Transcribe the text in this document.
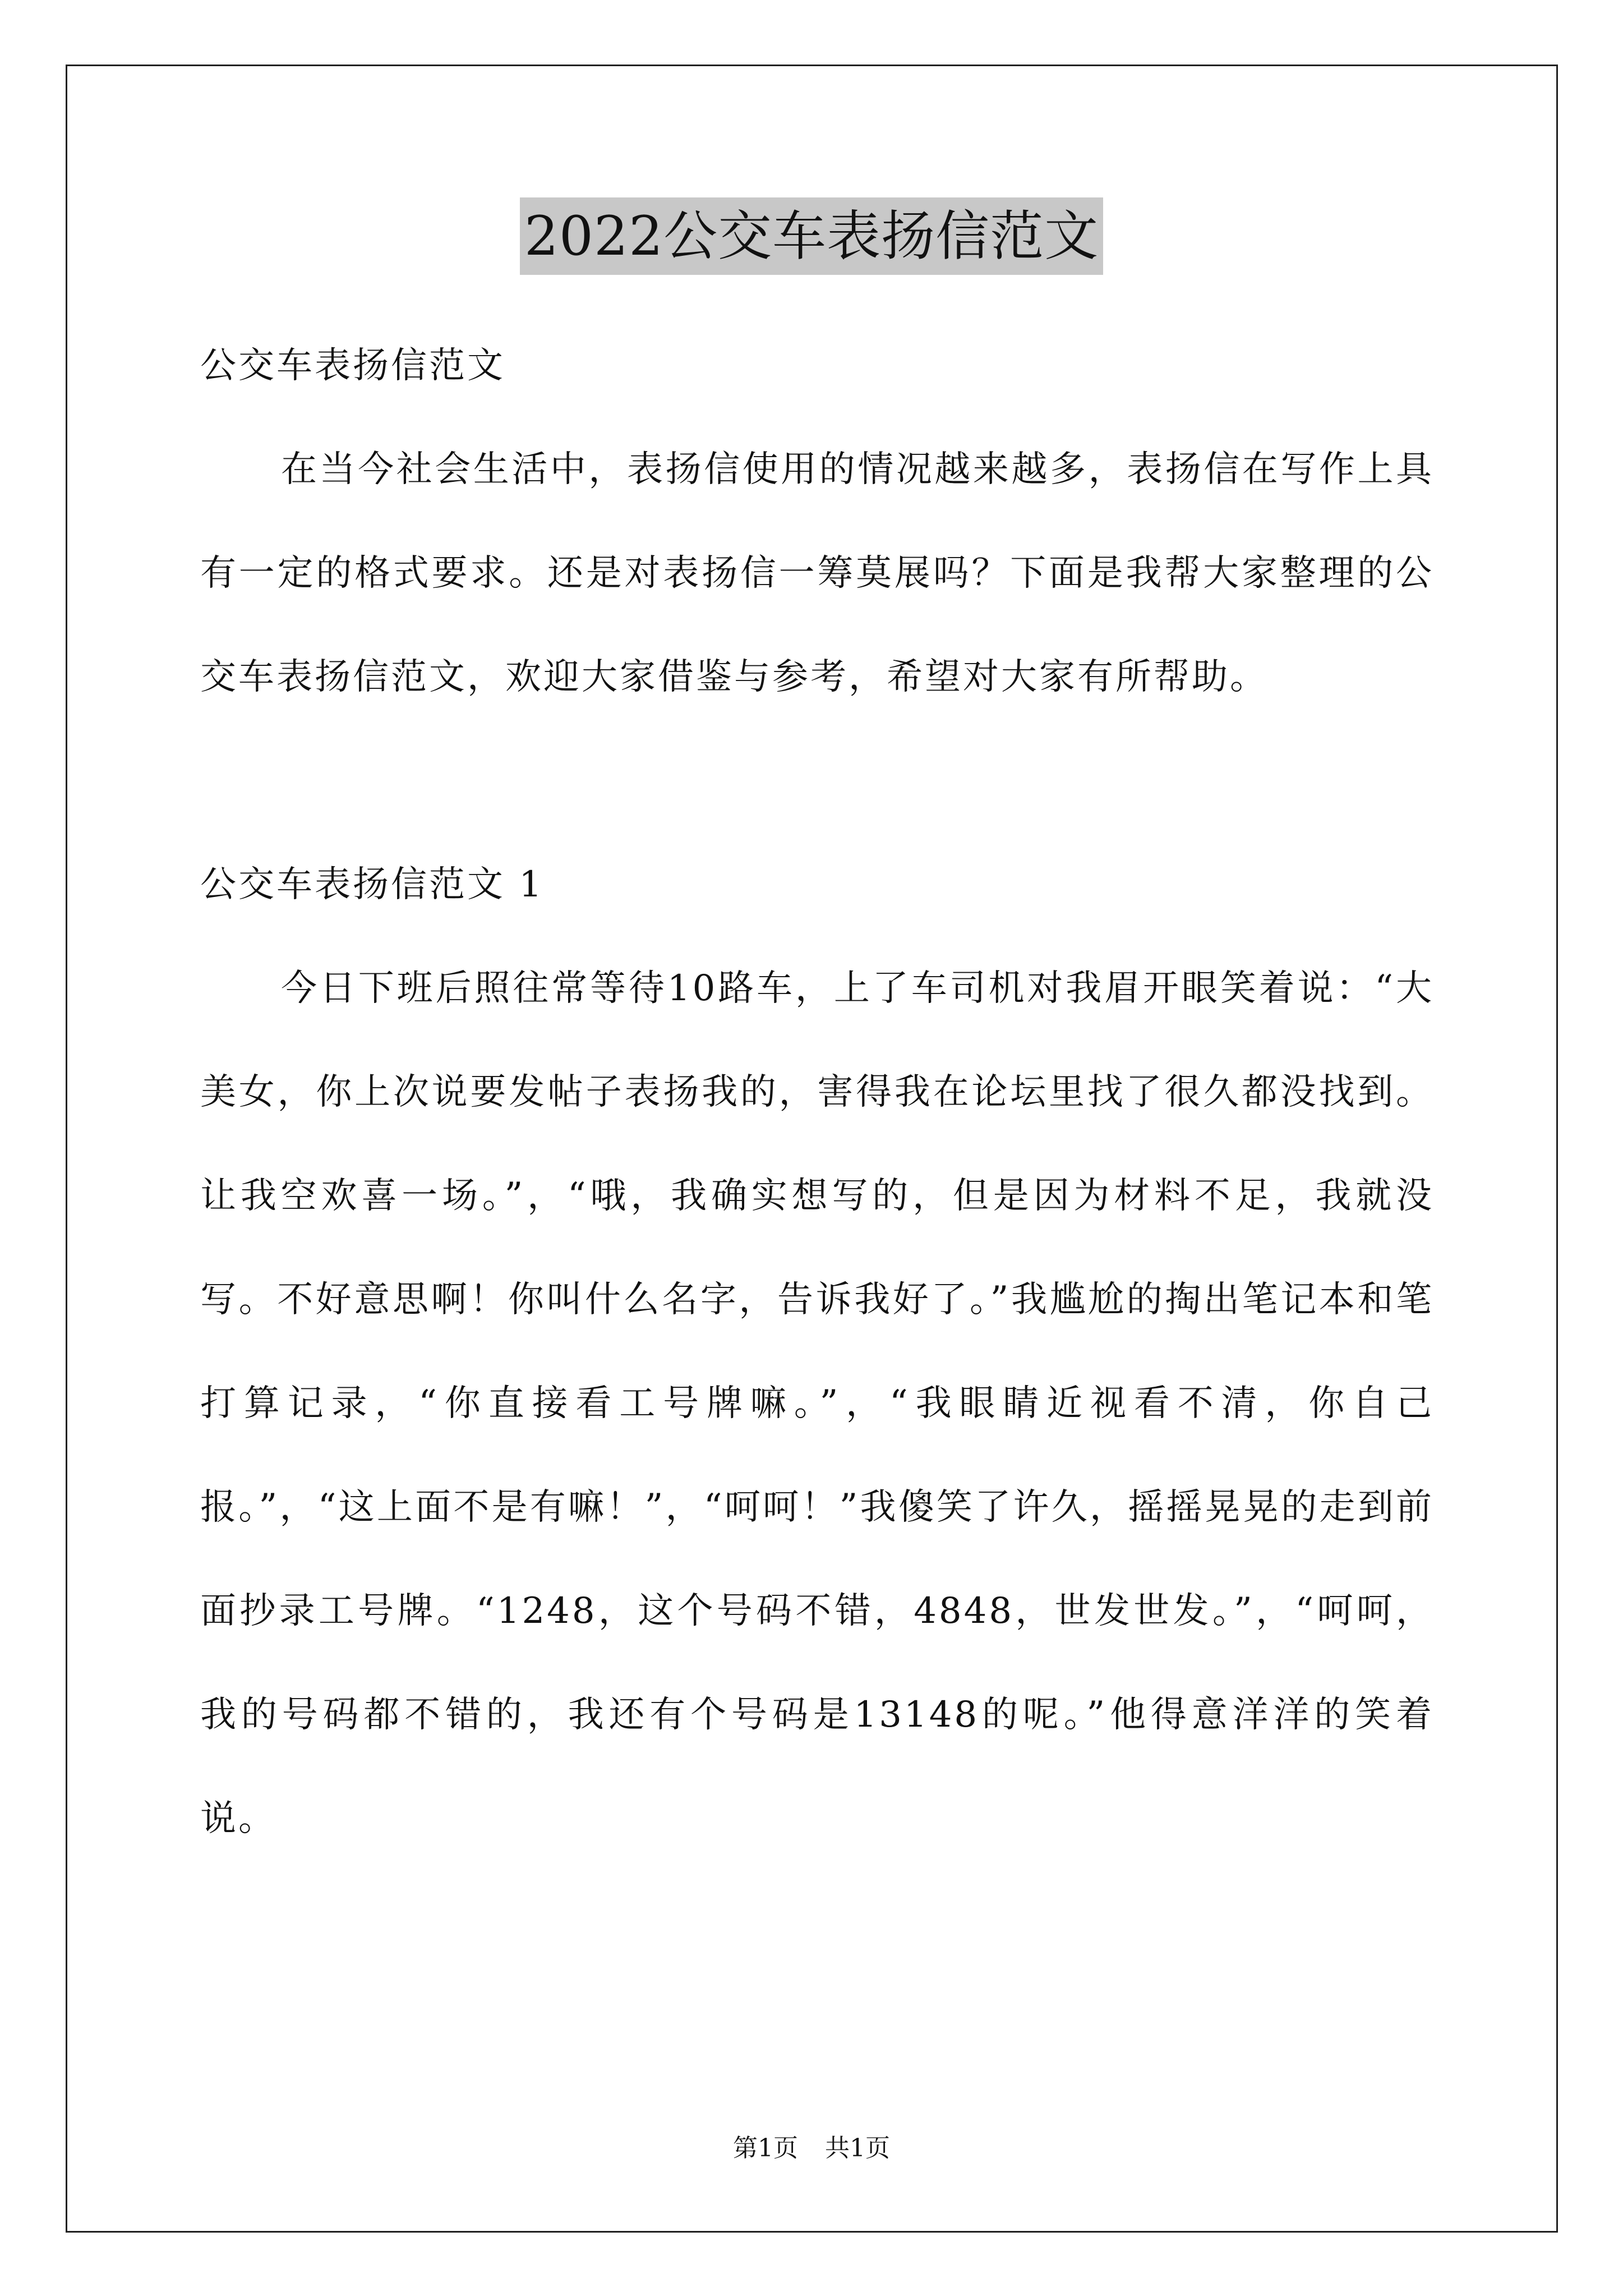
2022公交车表扬信范文

公交车表扬信范文

在当今社会生活中，表扬信使用的情况越来越多，表扬信在写作上具有一定的格式要求。还是对表扬信一筹莫展吗？下面是我帮大家整理的公交车表扬信范文，欢迎大家借鉴与参考，希望对大家有所帮助。

公交车表扬信范文 1

今日下班后照往常等待10路车，上了车司机对我眉开眼笑着说：“大美女，你上次说要发帖子表扬我的，害得我在论坛里找了很久都没找到。让我空欢喜一场。”，“哦，我确实想写的，但是因为材料不足，我就没写。不好意思啊！你叫什么名字，告诉我好了。”我尴尬的掏出笔记本和笔打算记录，“你直接看工号牌嘛。”，“我眼睛近视看不清，你自己报。”，“这上面不是有嘛！”，“呵呵！”我傻笑了许久，摇摇晃晃的走到前面抄录工号牌。“1248，这个号码不错，4848，世发世发。”，“呵呵，我的号码都不错的，我还有个号码是13148的呢。”他得意洋洋的笑着说。

第1页 共1页
